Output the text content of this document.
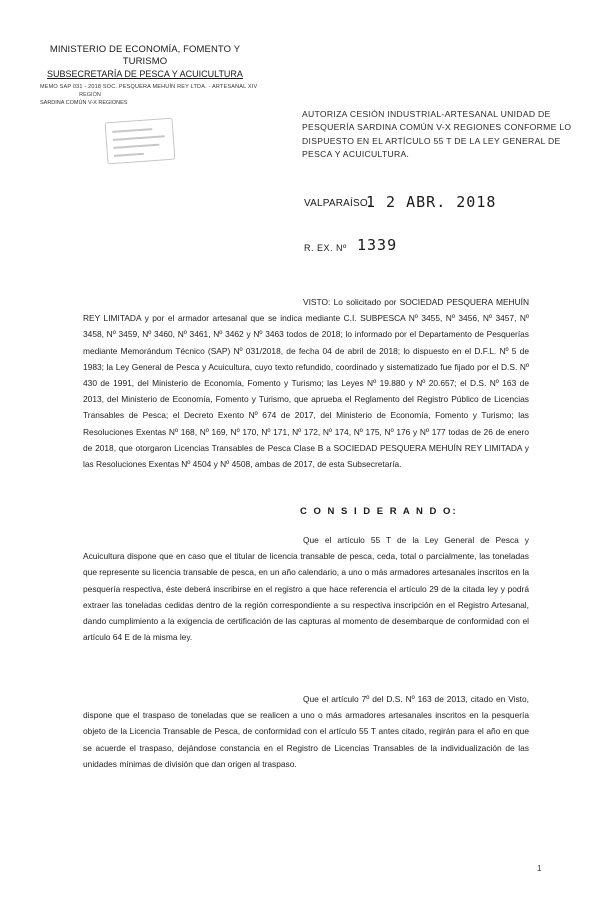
MINISTERIO DE ECONOMÍA, FOMENTO Y TURISMO
SUBSECRETARÍA DE PESCA Y ACUICULTURA
MEMO SAP 031 - 2018 SOC. PESQUERA MEHUÍN REY LTDA. - ARTESANAL XIV
REGIÓN
SARDINA COMÚN V-X REGIONES
AUTORIZA CESIÓN INDUSTRIAL-ARTESANAL UNIDAD DE PESQUERÍA SARDINA COMÚN V-X REGIONES CONFORME LO DISPUESTO EN EL ARTÍCULO 55 T DE LA LEY GENERAL DE PESCA Y ACUICULTURA.
VALPARAÍSO,
1 2 ABR. 2018
R. EX. Nº 1339
VISTO: Lo solicitado por SOCIEDAD PESQUERA MEHUÍN REY LIMITADA y por el armador artesanal que se indica mediante C.I. SUBPESCA Nº 3455, Nº 3456, Nº 3457, Nº 3458, Nº 3459, Nº 3460, Nº 3461, Nº 3462 y Nº 3463 todos de 2018; lo informado por el Departamento de Pesquerías mediante Memorándum Técnico (SAP) Nº 031/2018, de fecha 04 de abril de 2018; lo dispuesto en el D.F.L. Nº 5 de 1983; la Ley General de Pesca y Acuicultura, cuyo texto refundido, coordinado y sistematizado fue fijado por el D.S. Nº 430 de 1991, del Ministerio de Economía, Fomento y Turismo; las Leyes Nº 19.880 y Nº 20.657; el D.S. Nº 163 de 2013, del Ministerio de Economía, Fomento y Turismo, que aprueba el Reglamento del Registro Público de Licencias Transables de Pesca; el Decreto Exento Nº 674 de 2017, del Ministerio de Economía, Fomento y Turismo; las Resoluciones Exentas Nº 168, Nº 169, Nº 170, Nº 171, Nº 172, Nº 174, Nº 175, Nº 176 y Nº 177 todas de 26 de enero de 2018, que otorgaron Licencias Transables de Pesca Clase B a SOCIEDAD PESQUERA MEHUÍN REY LIMITADA y las Resoluciones Exentas Nº 4504 y Nº 4508, ambas de 2017, de esta Subsecretaría.
C O N S I D E R A N D O:
Que el artículo 55 T de la Ley General de Pesca y Acuicultura dispone que en caso que el titular de licencia transable de pesca, ceda, total o parcialmente, las toneladas que represente su licencia transable de pesca, en un año calendario, a uno o más armadores artesanales inscritos en la pesquería respectiva, éste deberá inscribirse en el registro a que hace referencia el artículo 29 de la citada ley y podrá extraer las toneladas cedidas dentro de la región correspondiente a su respectiva inscripción en el Registro Artesanal, dando cumplimiento a la exigencia de certificación de las capturas al momento de desembarque de conformidad con el artículo 64 E de la misma ley.
Que el artículo 7º del D.S. Nº 163 de 2013, citado en Visto, dispone que el traspaso de toneladas que se realicen a uno o más armadores artesanales inscritos en la pesquería objeto de la Licencia Transable de Pesca, de conformidad con el artículo 55 T antes citado, regirán para el año en que se acuerde el traspaso, dejándose constancia en el Registro de Licencias Transables de la individualización de las unidades mínimas de división que dan origen al traspaso.
1
